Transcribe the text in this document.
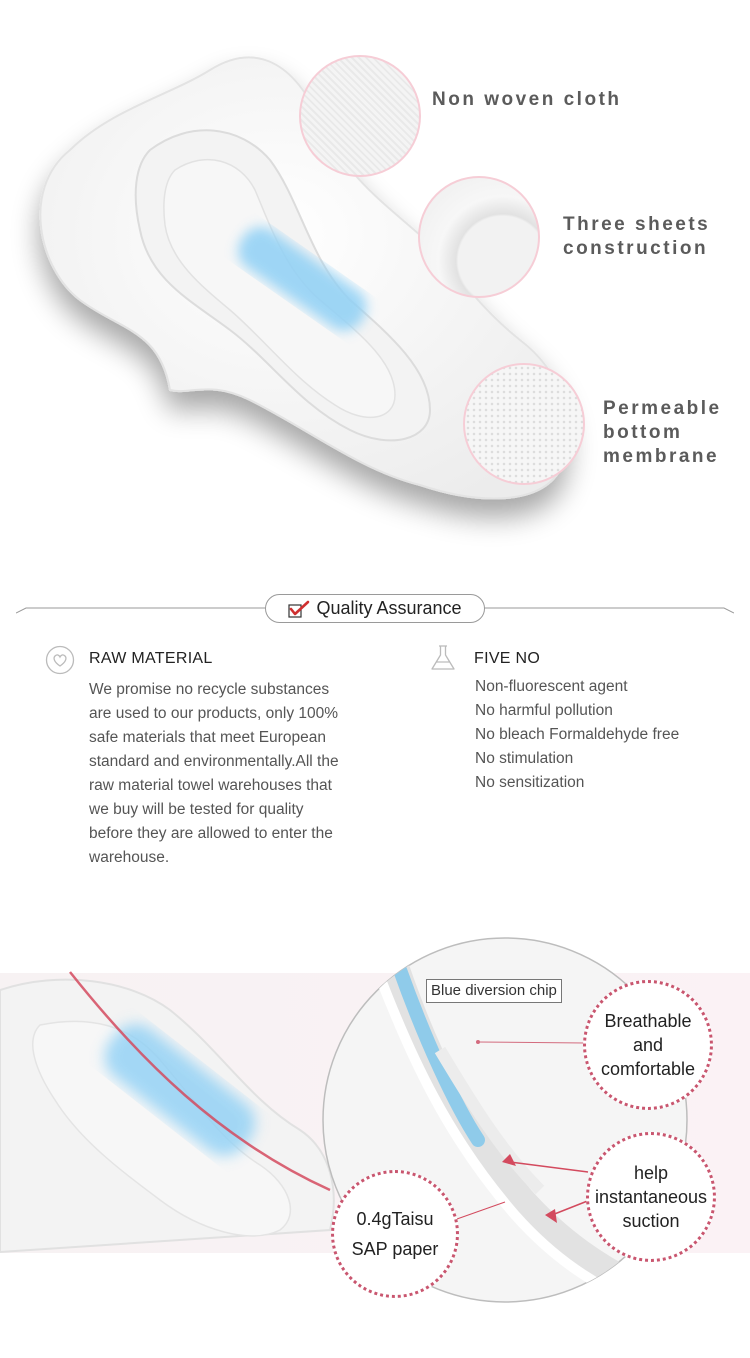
Non woven cloth
Three sheets
construction
Permeable
bottom
membrane
Quality Assurance
RAW MATERIAL
We promise no recycle substances
are used to our products, only 100%
safe materials that meet European
standard and environmentally.All the
raw material towel warehouses that
we buy will be tested for quality
before they are allowed to enter the
warehouse.
FIVE NO
Non-fluorescent agent
No harmful pollution
No bleach Formaldehyde free
No stimulation
No sensitization
Blue diversion chip
Breathable
and
comfortable
help
instantaneous
suction
0.4gTaisu
SAP paper
